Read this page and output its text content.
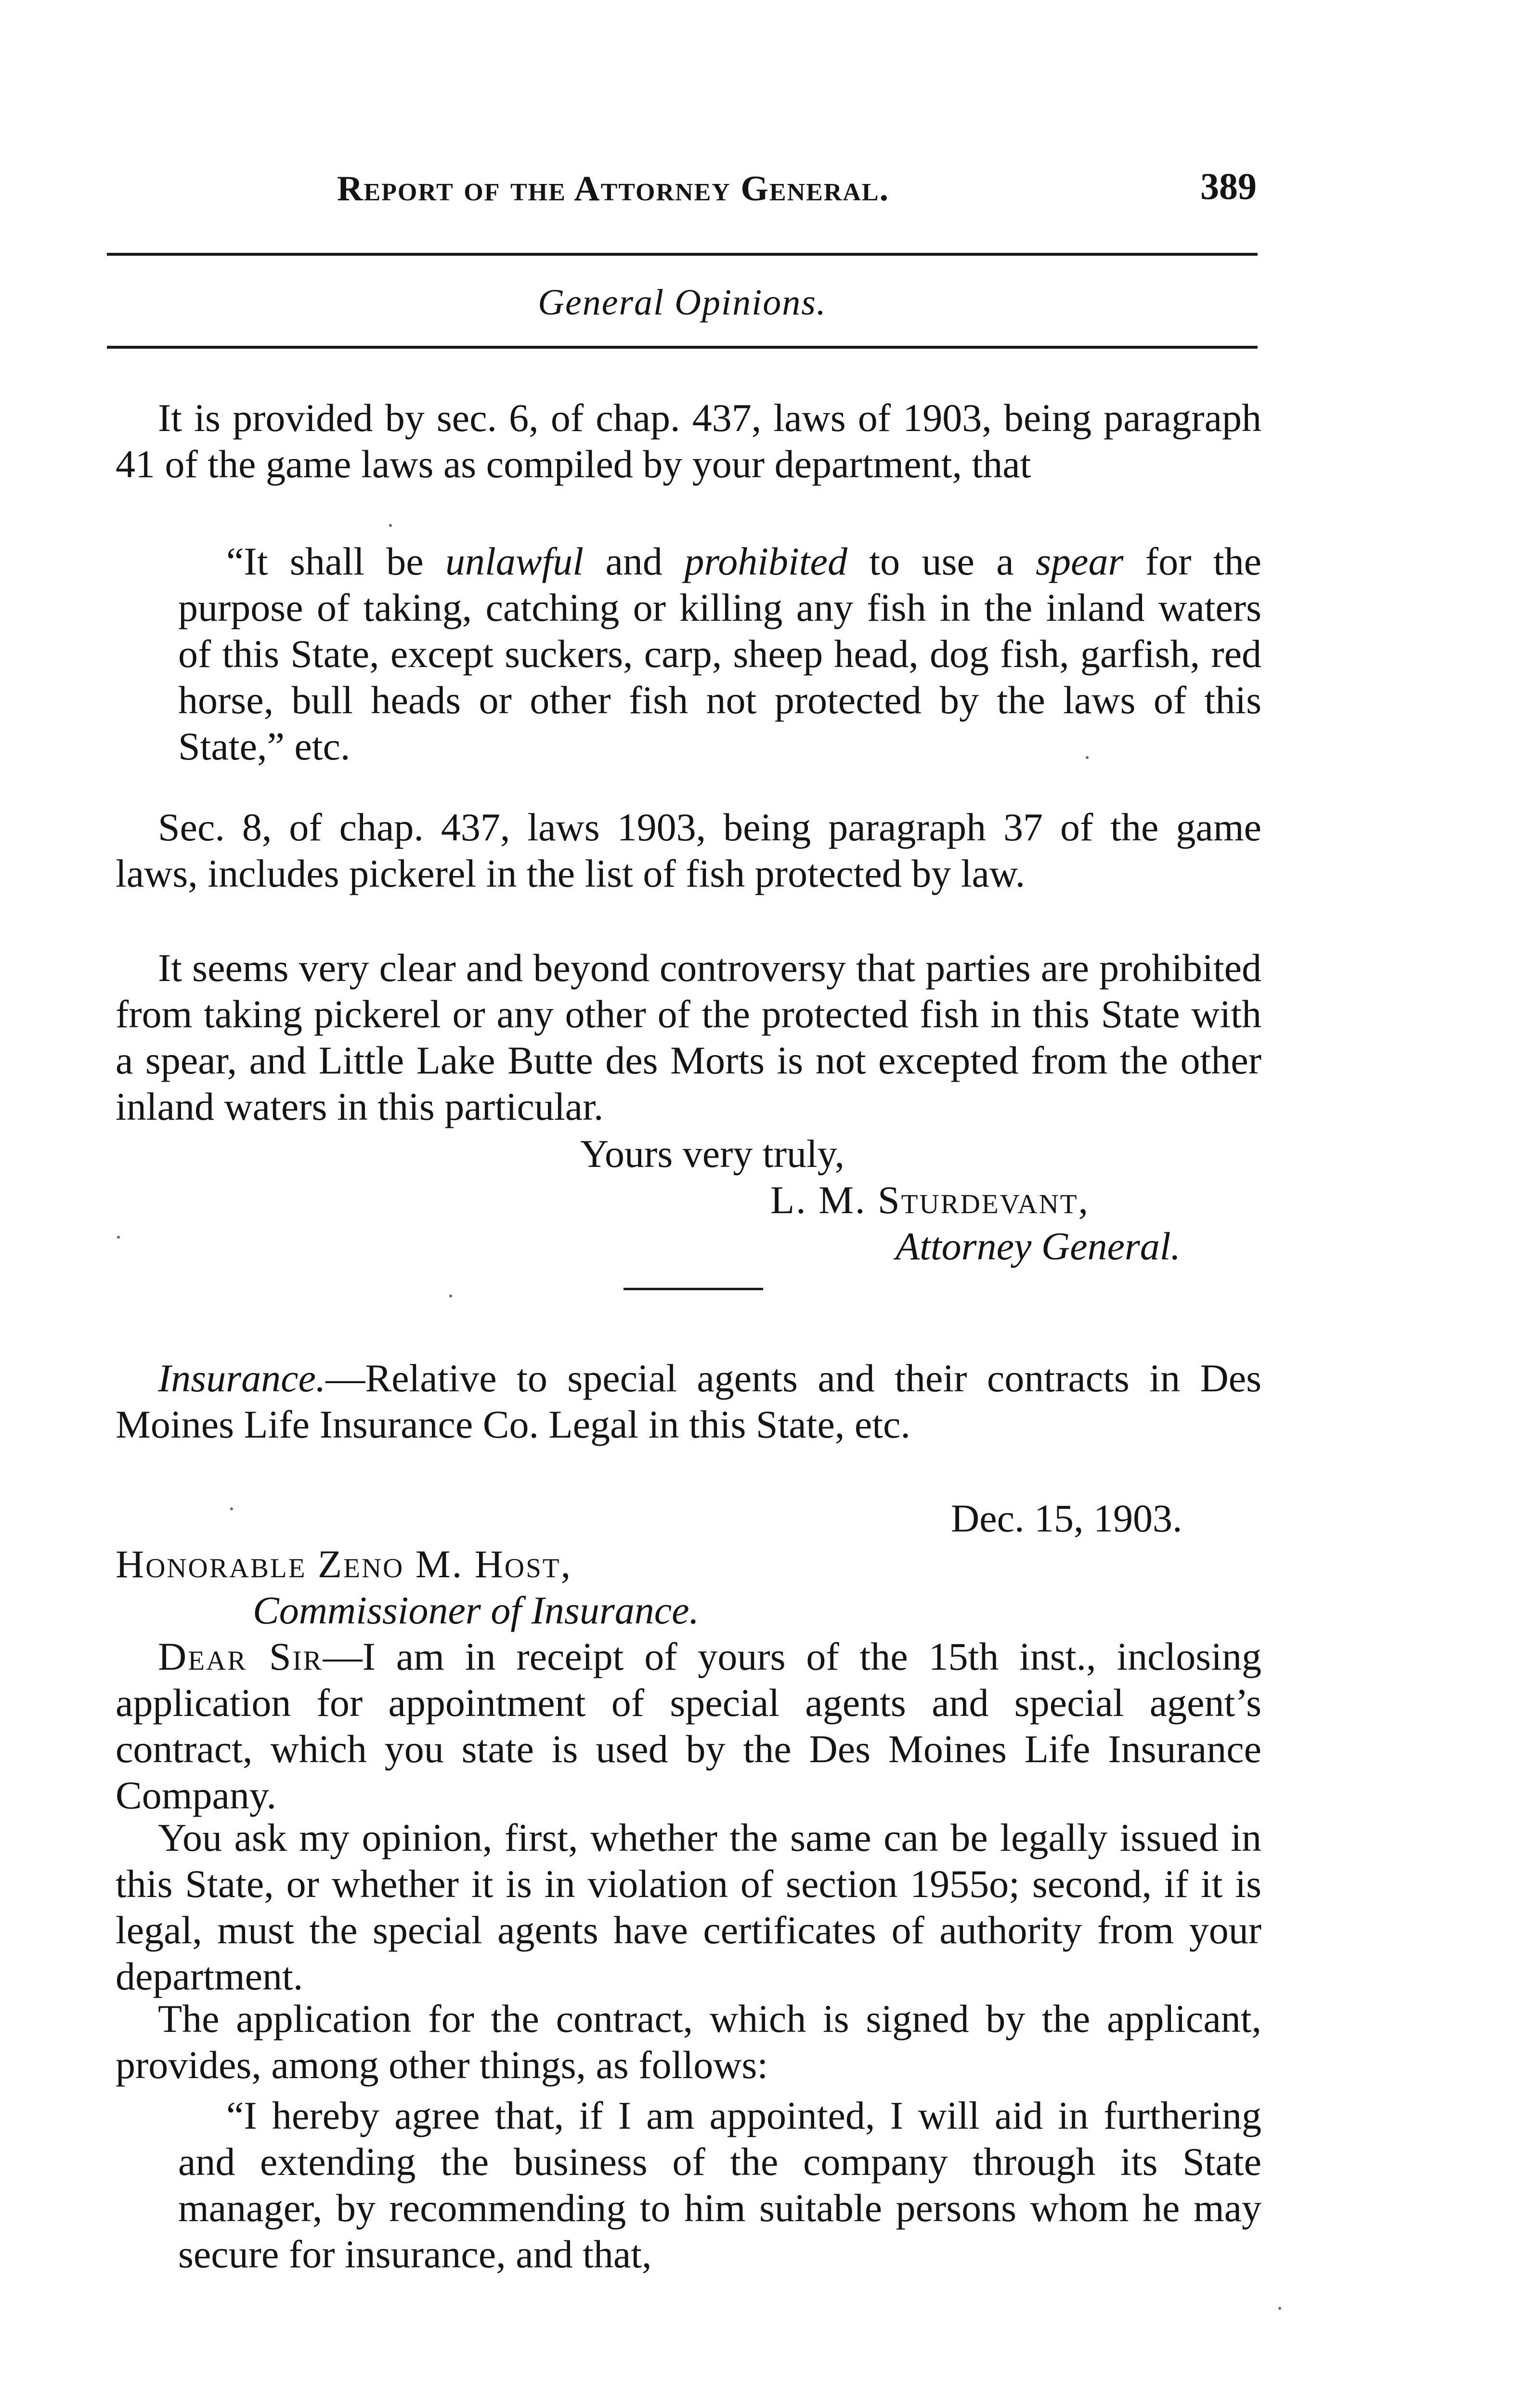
Report of the Attorney General.	389
General Opinions.
It is provided by sec. 6, of chap. 437, laws of 1903, being paragraph 41 of the game laws as compiled by your department, that
“It shall be unlawful and prohibited to use a spear for the purpose of taking, catching or killing any fish in the inland waters of this State, except suckers, carp, sheep head, dog fish, garfish, red horse, bull heads or other fish not protected by the laws of this State,” etc.
Sec. 8, of chap. 437, laws 1903, being paragraph 37 of the game laws, includes pickerel in the list of fish protected by law.
It seems very clear and beyond controversy that parties are prohibited from taking pickerel or any other of the protected fish in this State with a spear, and Little Lake Butte des Morts is not excepted from the other inland waters in this particular.
Yours very truly,
L. M. Sturdevant,
Attorney General.
Insurance.—Relative to special agents and their contracts in Des Moines Life Insurance Co. Legal in this State, etc.
Dec. 15, 1903.
Honorable Zeno M. Host,
Commissioner of Insurance.
Dear Sir—I am in receipt of yours of the 15th inst., inclosing application for appointment of special agents and special agent’s contract, which you state is used by the Des Moines Life Insurance Company.
You ask my opinion, first, whether the same can be legally issued in this State, or whether it is in violation of section 1955o; second, if it is legal, must the special agents have certificates of authority from your department.
The application for the contract, which is signed by the applicant, provides, among other things, as follows:
“I hereby agree that, if I am appointed, I will aid in furthering and extending the business of the company through its State manager, by recommending to him suitable persons whom he may secure for insurance, and that,
